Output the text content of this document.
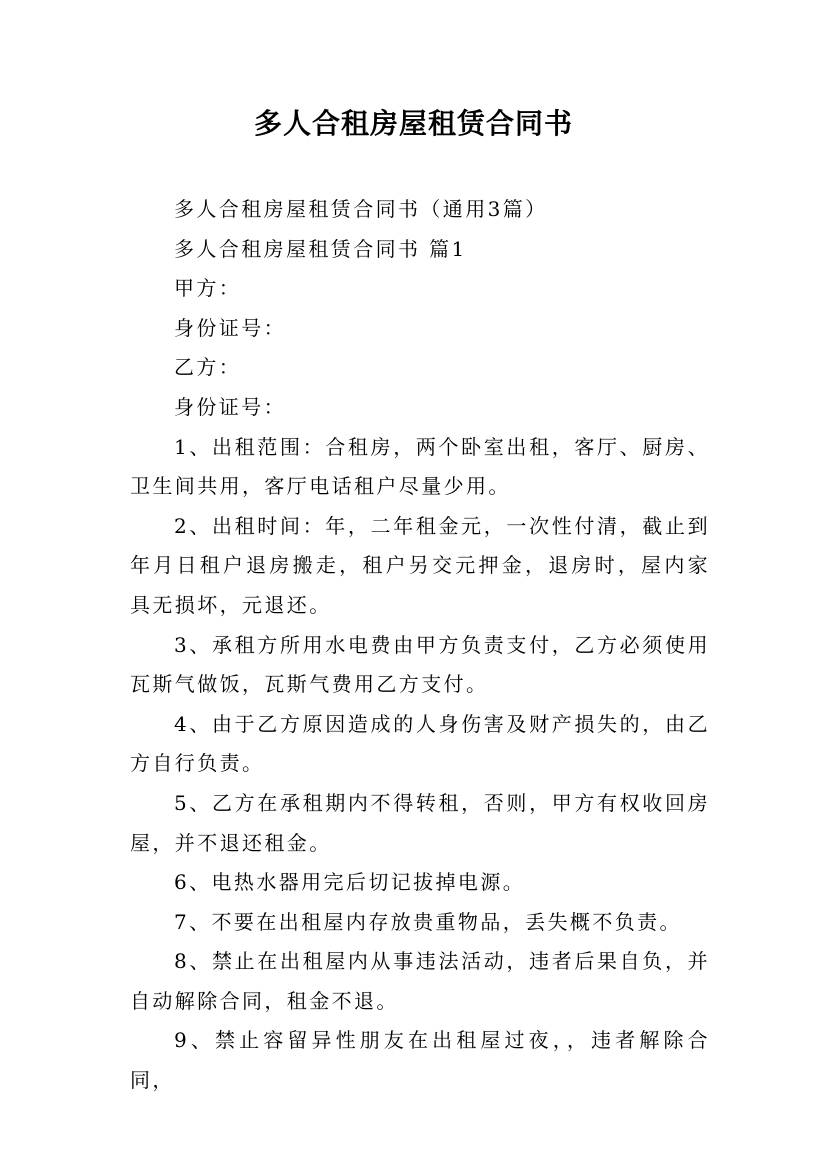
多人合租房屋租赁合同书

多人合租房屋租赁合同书（通用3篇）

多人合租房屋租赁合同书 篇1

甲方：

身份证号：

乙方：

身份证号：

1、出租范围：合租房，两个卧室出租，客厅、厨房、卫生间共用，客厅电话租户尽量少用。

2、出租时间：年，二年租金元，一次性付清，截止到年月日租户退房搬走，租户另交元押金，退房时，屋内家具无损坏，元退还。

3、承租方所用水电费由甲方负责支付，乙方必须使用瓦斯气做饭，瓦斯气费用乙方支付。

4、由于乙方原因造成的人身伤害及财产损失的，由乙方自行负责。

5、乙方在承租期内不得转租，否则，甲方有权收回房屋，并不退还租金。

6、电热水器用完后切记拔掉电源。

7、不要在出租屋内存放贵重物品，丢失概不负责。

8、禁止在出租屋内从事违法活动，违者后果自负，并自动解除合同，租金不退。

9、禁止容留异性朋友在出租屋过夜，，违者解除合同，
